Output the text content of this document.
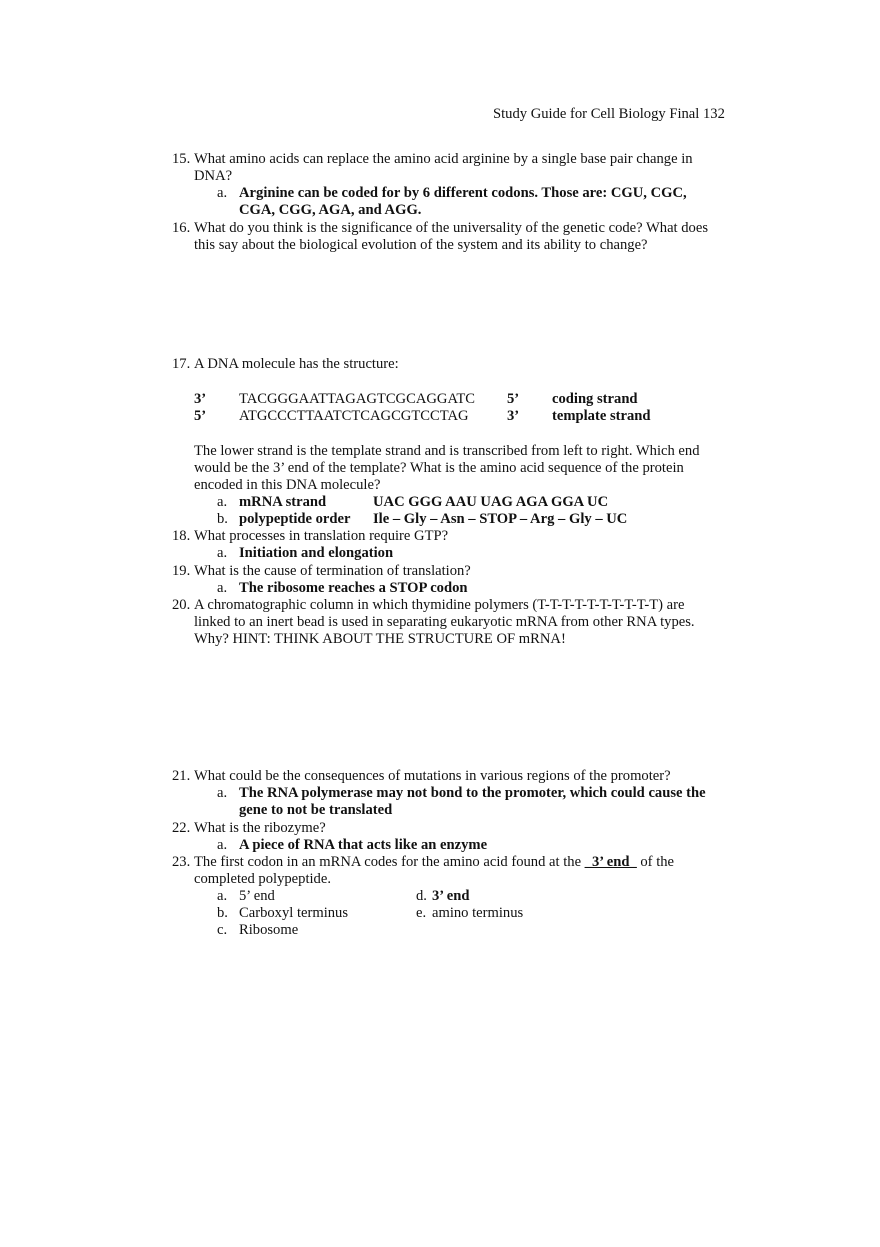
Study Guide for Cell Biology Final 132
15. What amino acids can replace the amino acid arginine by a single base pair change in
DNA?
a. Arginine can be coded for by 6 different codons. Those are: CGU, CGC,
CGA, CGG, AGA, and AGG.
16. What do you think is the significance of the universality of the genetic code? What does
this say about the biological evolution of the system and its ability to change?
17. A DNA molecule has the structure:
3’ TACGGGAATTAGAGTCGCAGGATC 5’ coding strand
5’ ATGCCCTTAATCTCAGCGTCCTAG	3’ template strand
The lower strand is the template strand and is transcribed from left to right. Which end
would be the 3’ end of the template? What is the amino acid sequence of the protein
encoded in this DNA molecule?
a. mRNA strand	UAC GGG AAU UAG AGA GGA UC
b. polypeptide order Ile – Gly – Asn – STOP – Arg – Gly – UC
18. What processes in translation require GTP?
a. Initiation and elongation
19. What is the cause of termination of translation?
a. The ribosome reaches a STOP codon
20. A chromatographic column in which thymidine polymers (T-T-T-T-T-T-T-T-T-T) are
linked to an inert bead is used in separating eukaryotic mRNA from other RNA types.
Why? HINT: THINK ABOUT THE STRUCTURE OF mRNA!
21. What could be the consequences of mutations in various regions of the promoter?
a. The RNA polymerase may not bond to the promoter, which could cause the
gene to not be translated
22. What is the ribozyme?
a. A piece of RNA that acts like an enzyme
23. The first codon in an mRNA codes for the amino acid found at the _3’ end_ of the
completed polypeptide.
a. 5’ end	d. 3’ end
b. Carboxyl terminus	e. amino terminus
c. Ribosome
